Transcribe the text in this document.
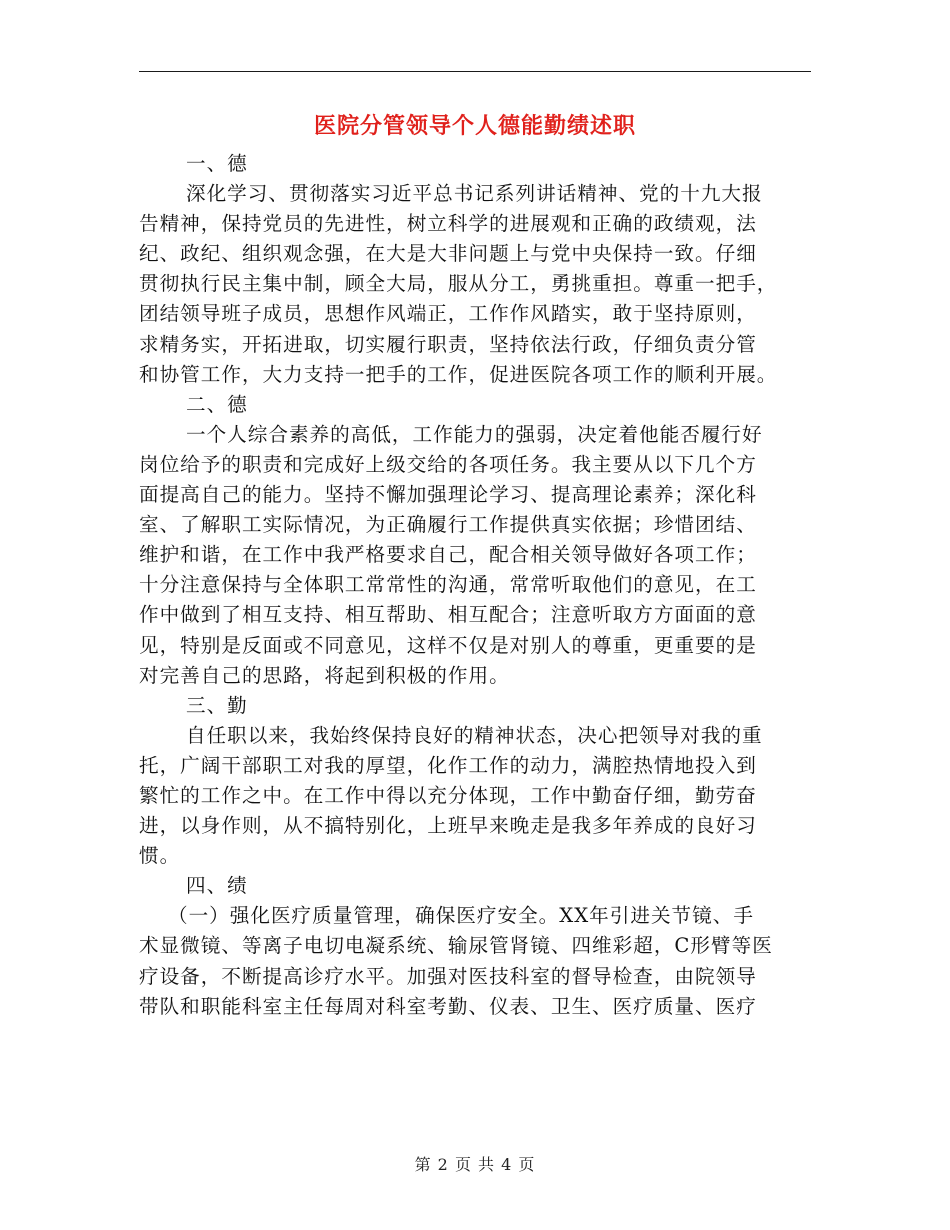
医院分管领导个人德能勤绩述职
一、德
深化学习、贯彻落实习近平总书记系列讲话精神、党的十九大报
告精神，保持党员的先进性，树立科学的进展观和正确的政绩观，法
纪、政纪、组织观念强，在大是大非问题上与党中央保持一致。仔细
贯彻执行民主集中制，顾全大局，服从分工，勇挑重担。尊重一把手，
团结领导班子成员，思想作风端正，工作作风踏实，敢于坚持原则，
求精务实，开拓进取，切实履行职责，坚持依法行政，仔细负责分管
和协管工作，大力支持一把手的工作，促进医院各项工作的顺利开展。
二、德
一个人综合素养的高低，工作能力的强弱，决定着他能否履行好
岗位给予的职责和完成好上级交给的各项任务。我主要从以下几个方
面提高自己的能力。坚持不懈加强理论学习、提高理论素养；深化科
室、了解职工实际情况，为正确履行工作提供真实依据；珍惜团结、
维护和谐，在工作中我严格要求自己，配合相关领导做好各项工作；
十分注意保持与全体职工常常性的沟通，常常听取他们的意见，在工
作中做到了相互支持、相互帮助、相互配合；注意听取方方面面的意
见，特别是反面或不同意见，这样不仅是对别人的尊重，更重要的是
对完善自己的思路，将起到积极的作用。
三、勤
自任职以来，我始终保持良好的精神状态，决心把领导对我的重
托，广阔干部职工对我的厚望，化作工作的动力，满腔热情地投入到
繁忙的工作之中。在工作中得以充分体现，工作中勤奋仔细，勤劳奋
进，以身作则，从不搞特别化，上班早来晚走是我多年养成的良好习
惯。
四、绩
（一）强化医疗质量管理，确保医疗安全。XX年引进关节镜、手
术显微镜、等离子电切电凝系统、输尿管肾镜、四维彩超，C形臂等医
疗设备，不断提高诊疗水平。加强对医技科室的督导检查，由院领导
带队和职能科室主任每周对科室考勤、仪表、卫生、医疗质量、医疗
第 2 页 共 4 页
